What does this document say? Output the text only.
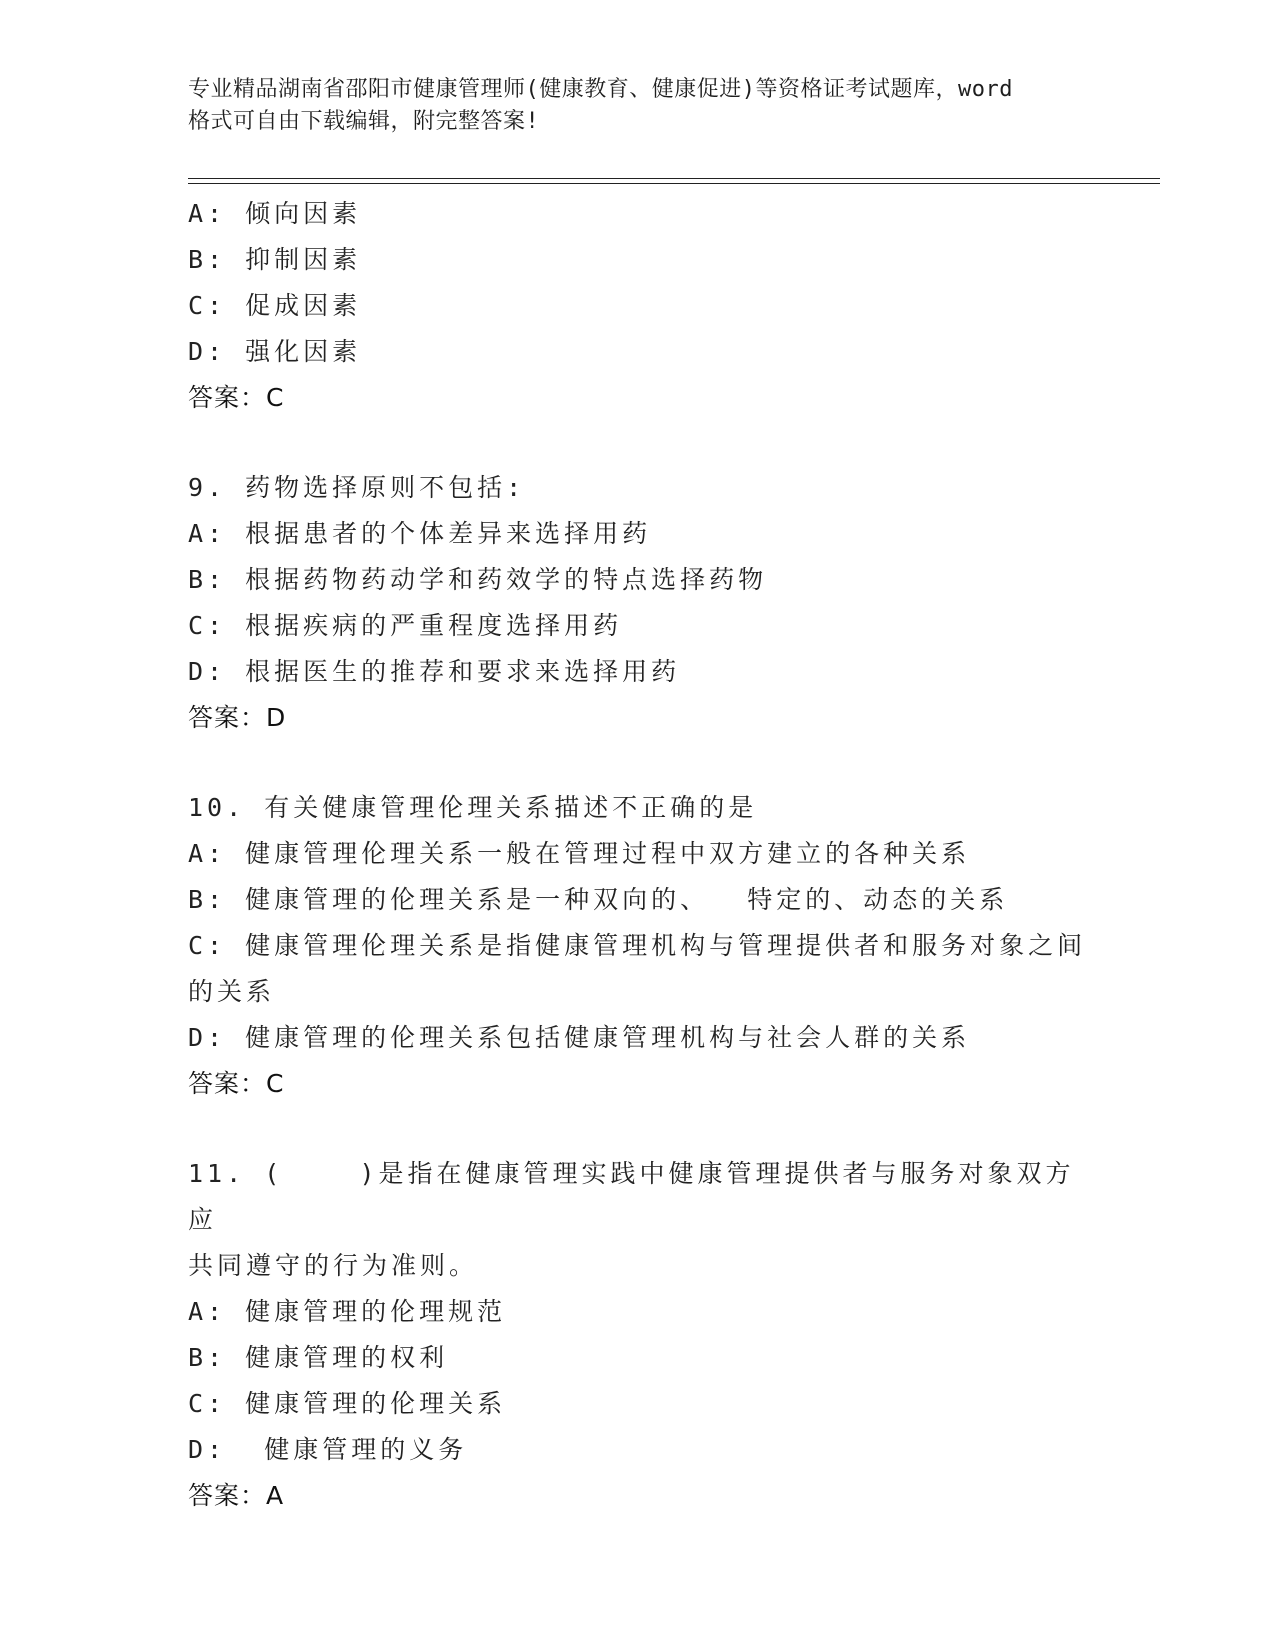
专业精品湖南省邵阳市健康管理师(健康教育、健康促进)等资格证考试题库，word
格式可自由下载编辑，附完整答案!
A: 倾向因素
B: 抑制因素
C: 促成因素
D: 强化因素
答案：C
9. 药物选择原则不包括:
A: 根据患者的个体差异来选择用药
B: 根据药物药动学和药效学的特点选择药物
C: 根据疾病的严重程度选择用药
D: 根据医生的推荐和要求来选择用药
答案：D
10. 有关健康管理伦理关系描述不正确的是
A: 健康管理伦理关系一般在管理过程中双方建立的各种关系
B: 健康管理的伦理关系是一种双向的、  特定的、动态的关系
C: 健康管理伦理关系是指健康管理机构与管理提供者和服务对象之间
的关系
D: 健康管理的伦理关系包括健康管理机构与社会人群的关系
答案：C
11. (    )是指在健康管理实践中健康管理提供者与服务对象双方应
共同遵守的行为准则。
A: 健康管理的伦理规范
B: 健康管理的权利
C: 健康管理的伦理关系
D:  健康管理的义务
答案：A
